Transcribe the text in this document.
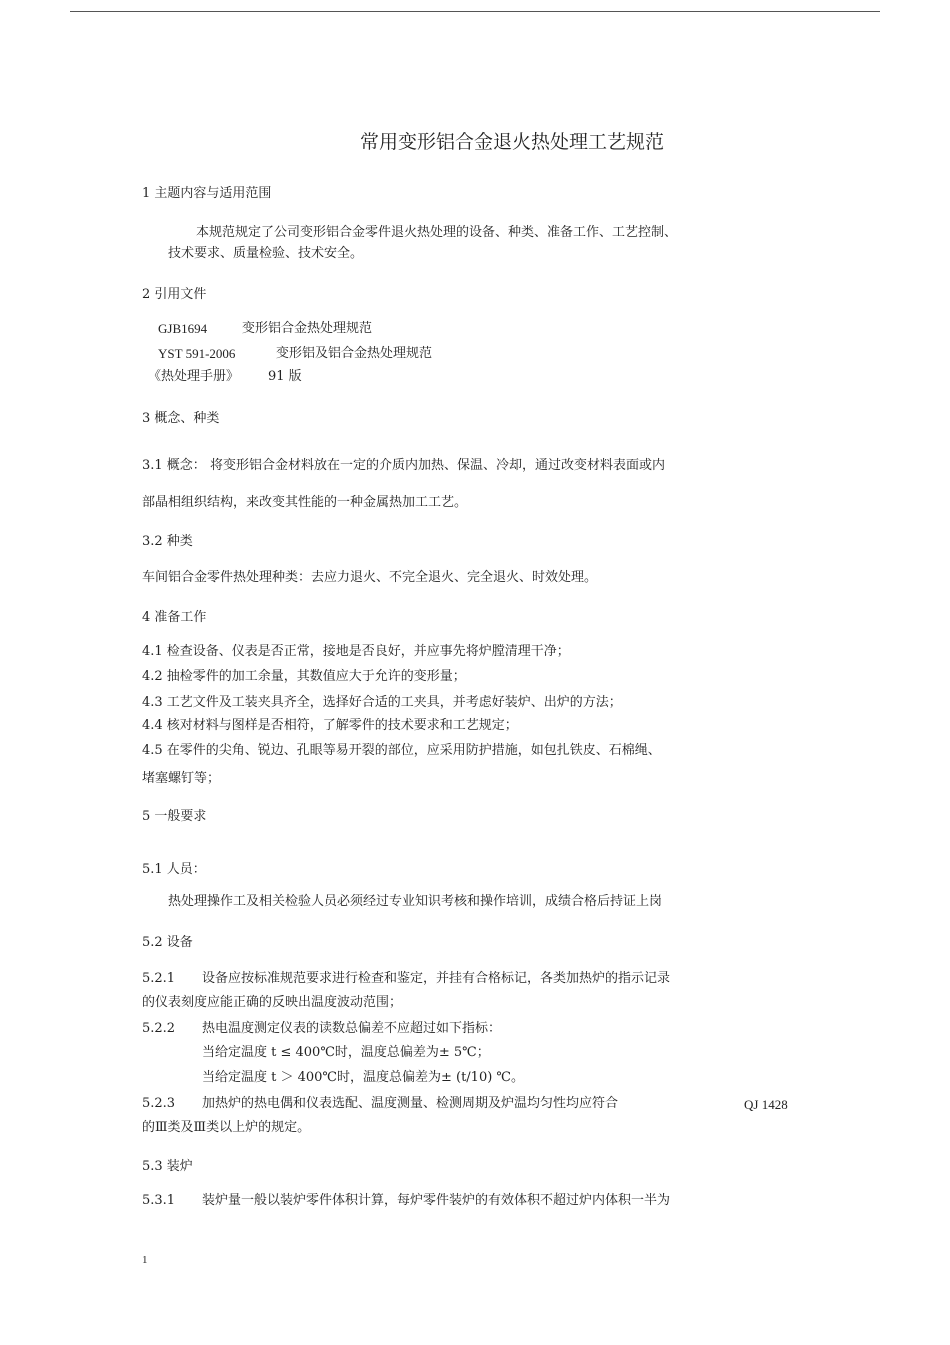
常用变形铝合金退火热处理工艺规范
1 主题内容与适用范围
本规范规定了公司变形铝合金零件退火热处理的设备、种类、准备工作、工艺控制、
技术要求、质量检验、技术安全。
2 引用文件
GJB1694	变形铝合金热处理规范
YST 591-2006	变形铝及铝合金热处理规范
《热处理手册》 91 版
3 概念、种类
3.1 概念： 将变形铝合金材料放在一定的介质内加热、保温、冷却，通过改变材料表面或内
部晶相组织结构，来改变其性能的一种金属热加工工艺。
3.2 种类
车间铝合金零件热处理种类：去应力退火、不完全退火、完全退火、时效处理。
4 准备工作
4.1 检查设备、仪表是否正常，接地是否良好，并应事先将炉膛清理干净；
4.2 抽检零件的加工余量，其数值应大于允许的变形量；
4.3 工艺文件及工装夹具齐全，选择好合适的工夹具，并考虑好装炉、出炉的方法；
4.4 核对材料与图样是否相符，了解零件的技术要求和工艺规定；
4.5 在零件的尖角、锐边、孔眼等易开裂的部位，应采用防护措施，如包扎铁皮、石棉绳、
堵塞螺钉等；
5 一般要求
5.1 人员：
热处理操作工及相关检验人员必须经过专业知识考核和操作培训，成绩合格后持证上岗
5.2 设备
5.2.1 设备应按标准规范要求进行检查和鉴定，并挂有合格标记，各类加热炉的指示记录
的仪表刻度应能正确的反映出温度波动范围；
5.2.2 热电温度测定仪表的读数总偏差不应超过如下指标：
当给定温度 t ≤ 400℃时，温度总偏差为± 5℃；
当给定温度 t ＞ 400℃时，温度总偏差为± (t/10) ℃。
5.2.3 加热炉的热电偶和仪表选配、温度测量、检测周期及炉温均匀性均应符合	QJ 1428
的Ⅲ类及Ⅲ类以上炉的规定。
5.3 装炉
5.3.1 装炉量一般以装炉零件体积计算，每炉零件装炉的有效体积不超过炉内体积一半为
1
